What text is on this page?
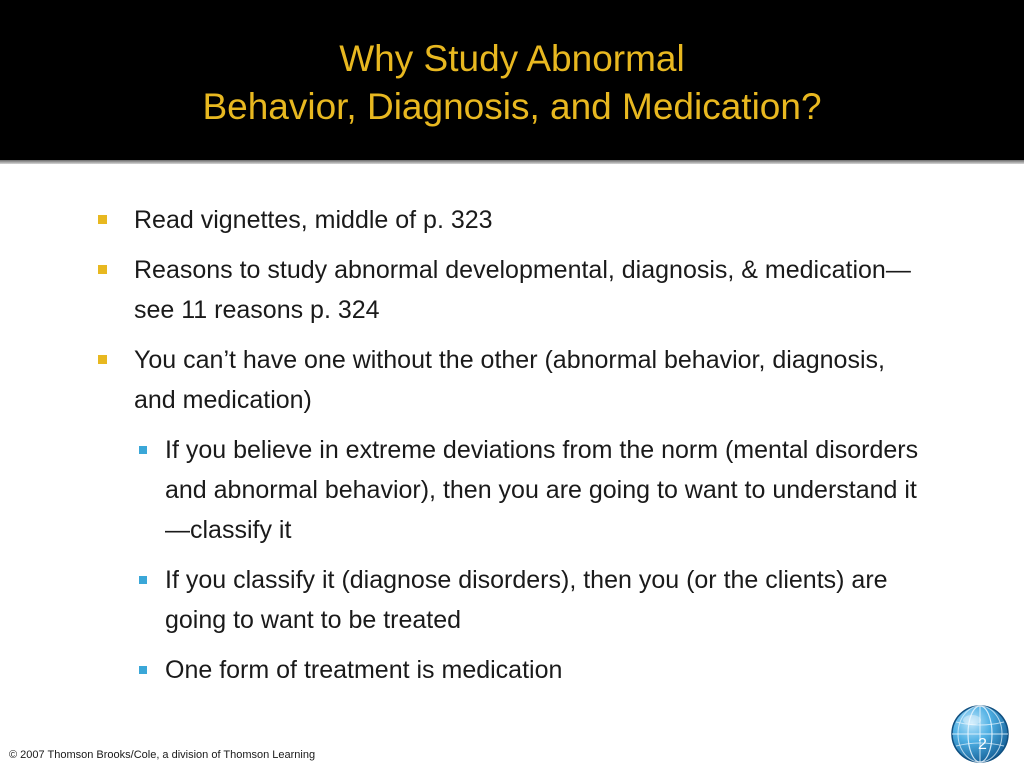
Why Study Abnormal
Behavior, Diagnosis, and Medication?
Read vignettes, middle of p. 323
Reasons to study abnormal developmental, diagnosis, & medication—see 11 reasons p. 324
You can’t have one without the other (abnormal behavior, diagnosis, and medication)
If you believe in extreme deviations from the norm (mental disorders and abnormal behavior), then you are going to want to understand it—classify it
If you classify it (diagnose disorders), then you (or the clients) are going to want to be treated
One form of treatment is medication
© 2007 Thomson Brooks/Cole, a division of Thomson Learning
2
